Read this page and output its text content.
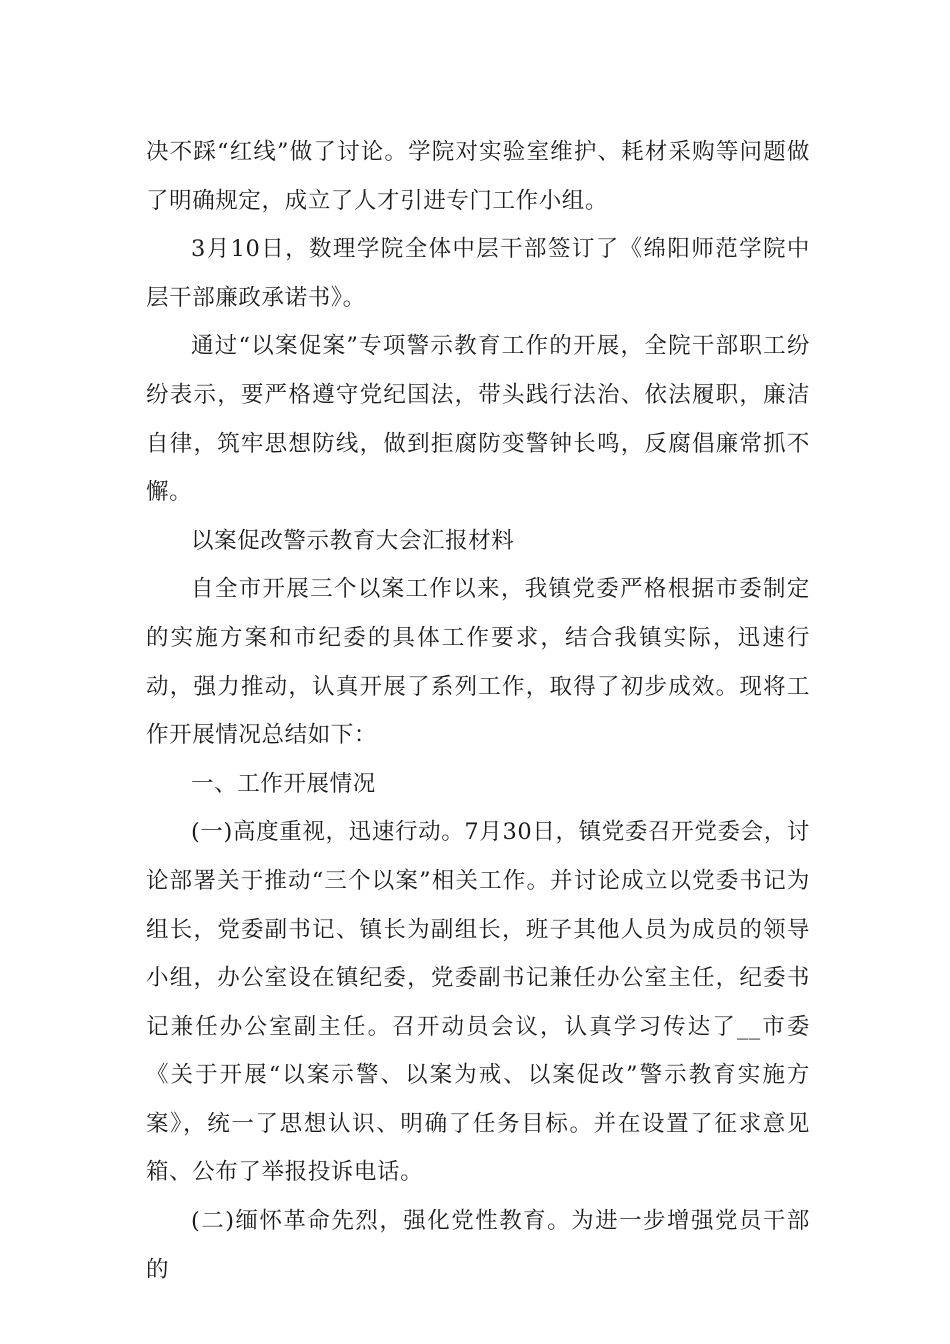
决不踩“红线”做了讨论。学院对实验室维护、耗材采购等问题做了明确规定，成立了人才引进专门工作小组。

3月10日，数理学院全体中层干部签订了《绵阳师范学院中层干部廉政承诺书》。

通过“以案促案”专项警示教育工作的开展，全院干部职工纷纷表示，要严格遵守党纪国法，带头践行法治、依法履职，廉洁自律，筑牢思想防线，做到拒腐防变警钟长鸣，反腐倡廉常抓不懈。

以案促改警示教育大会汇报材料

自全市开展三个以案工作以来，我镇党委严格根据市委制定的实施方案和市纪委的具体工作要求，结合我镇实际，迅速行动，强力推动，认真开展了系列工作，取得了初步成效。现将工作开展情况总结如下：

一、工作开展情况

(一)高度重视，迅速行动。7月30日，镇党委召开党委会，讨论部署关于推动“三个以案”相关工作。并讨论成立以党委书记为组长，党委副书记、镇长为副组长，班子其他人员为成员的领导小组，办公室设在镇纪委，党委副书记兼任办公室主任，纪委书记兼任办公室副主任。召开动员会议，认真学习传达了__市委《关于开展“以案示警、以案为戒、以案促改”警示教育实施方案》，统一了思想认识、明确了任务目标。并在设置了征求意见箱、公布了举报投诉电话。

(二)缅怀革命先烈，强化党性教育。为进一步增强党员干部的
